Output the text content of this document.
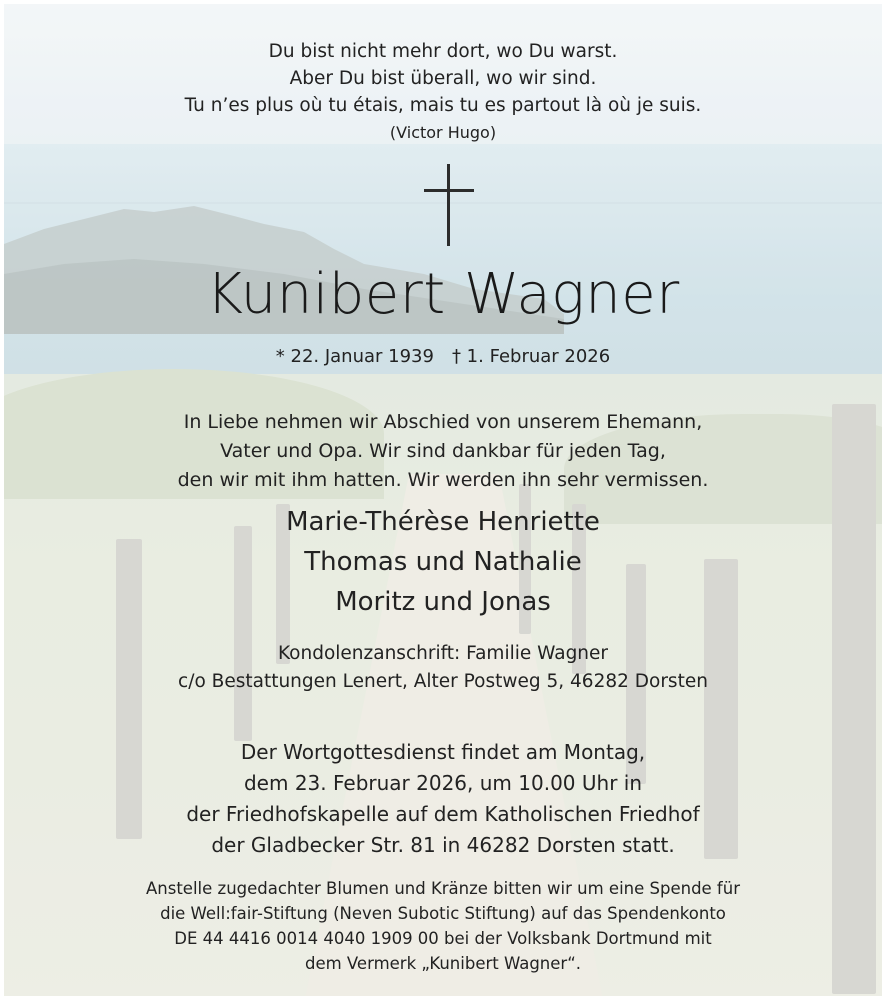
Du bist nicht mehr dort, wo Du warst.
Aber Du bist überall, wo wir sind.
Tu n’es plus où tu étais, mais tu es partout là où je suis.
(Victor Hugo)
Kunibert Wagner
* 22. Januar 1939 † 1. Februar 2026
In Liebe nehmen wir Abschied von unserem Ehemann,
Vater und Opa. Wir sind dankbar für jeden Tag,
den wir mit ihm hatten. Wir werden ihn sehr vermissen.
Marie-Thérèse Henriette
Thomas und Nathalie
Moritz und Jonas
Kondolenzanschrift: Familie Wagner
c/o Bestattungen Lenert, Alter Postweg 5, 46282 Dorsten
Der Wortgottesdienst findet am Montag,
dem 23. Februar 2026, um 10.00 Uhr in
der Friedhofskapelle auf dem Katholischen Friedhof
der Gladbecker Str. 81 in 46282 Dorsten statt.
Anstelle zugedachter Blumen und Kränze bitten wir um eine Spende für
die Well:fair-Stiftung (Neven Subotic Stiftung) auf das Spendenkonto
DE 44 4416 0014 4040 1909 00 bei der Volksbank Dortmund mit
dem Vermerk „Kunibert Wagner“.
